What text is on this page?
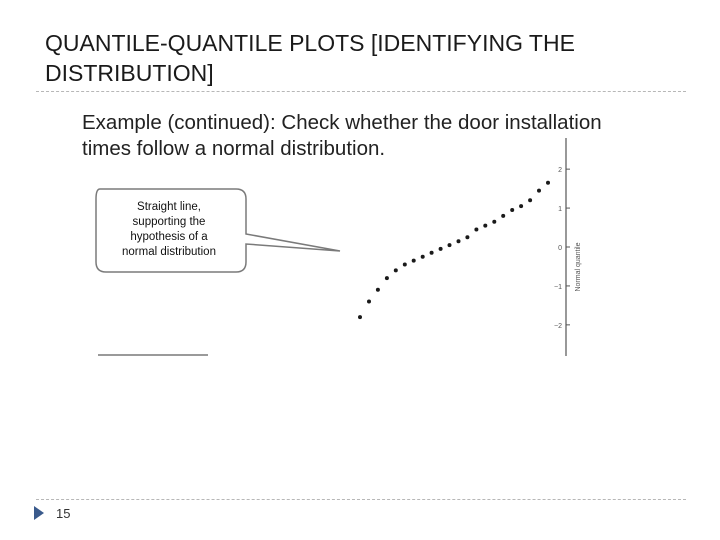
QUANTILE-QUANTILE PLOTS [IDENTIFYING THE
DISTRIBUTION]
Example (continued): Check whether the door installation
times follow a normal distribution.
2
1
0
−1
−2
Normal quantile
Straight line,
supporting the
hypothesis of a
normal distribution
15
